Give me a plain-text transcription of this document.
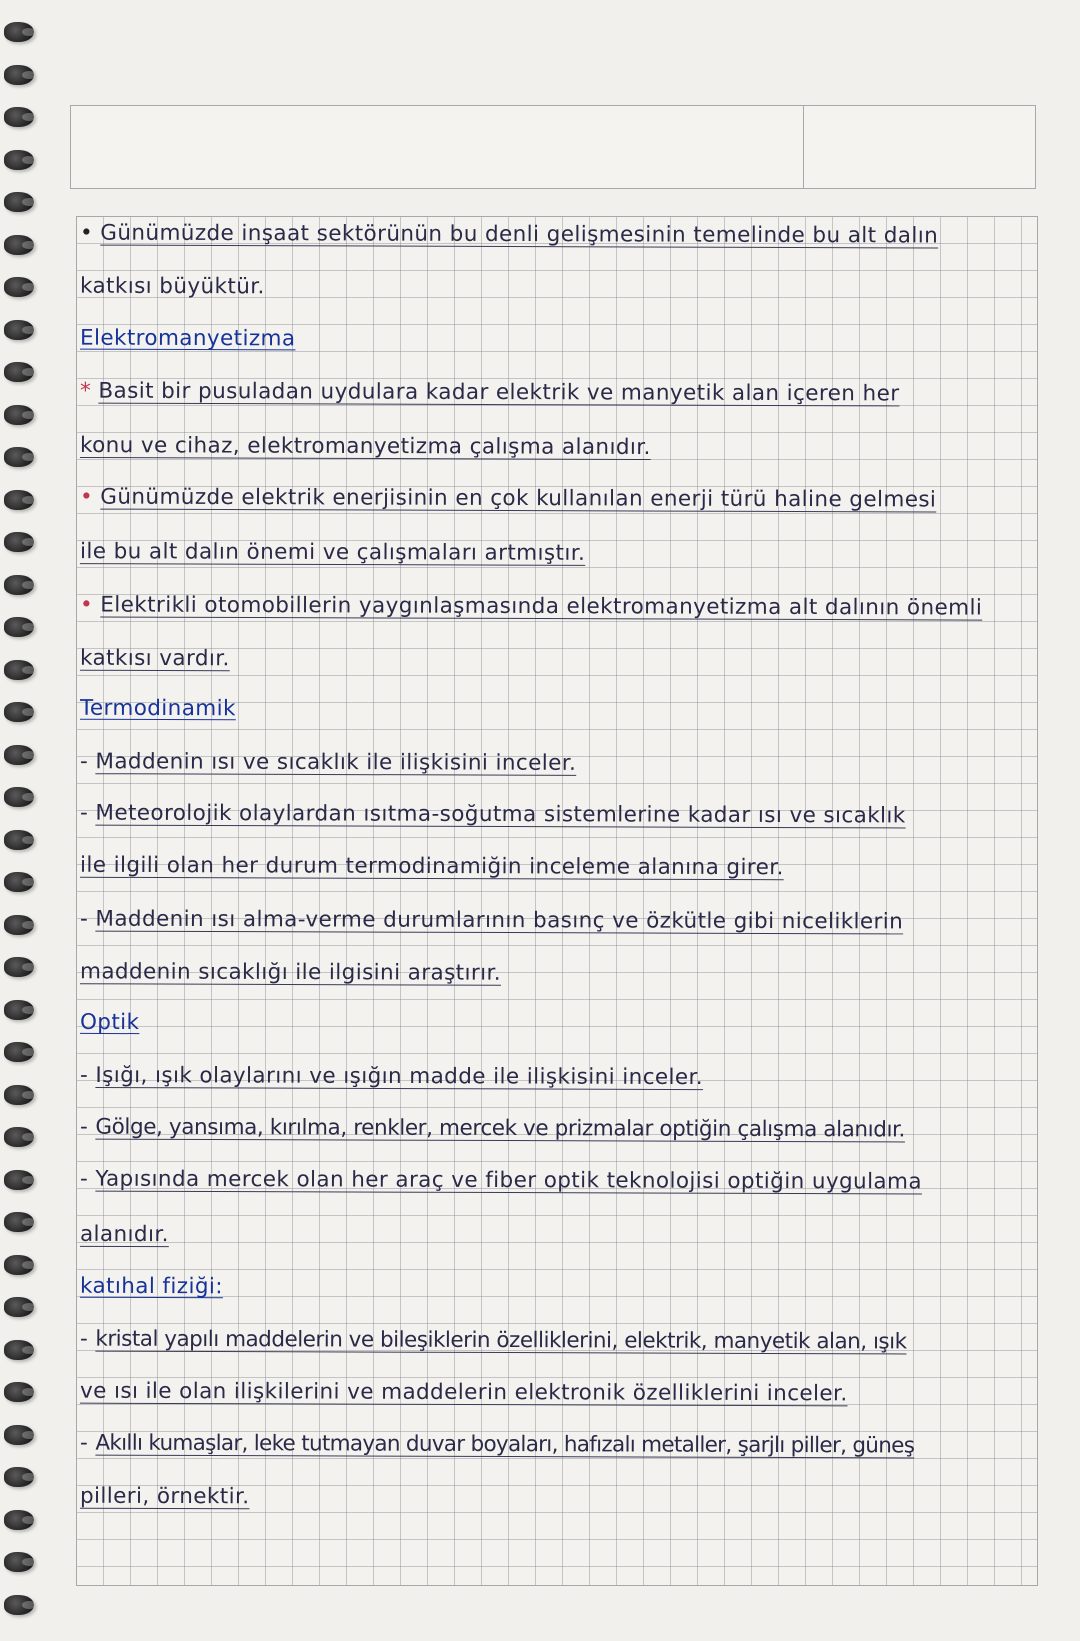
• Günümüzde inşaat sektörünün bu denli gelişmesinin temelinde bu alt dalın
katkısı büyüktür.
Elektromanyetizma
* Basit bir pusuladan uydulara kadar elektrik ve manyetik alan içeren her
konu ve cihaz, elektromanyetizma çalışma alanıdır.
• Günümüzde elektrik enerjisinin en çok kullanılan enerji türü haline gelmesi
ile bu alt dalın önemi ve çalışmaları artmıştır.
• Elektrikli otomobillerin yaygınlaşmasında elektromanyetizma alt dalının önemli
katkısı vardır.
Termodinamik
- Maddenin ısı ve sıcaklık ile ilişkisini inceler.
- Meteorolojik olaylardan ısıtma-soğutma sistemlerine kadar ısı ve sıcaklık
ile ilgili olan her durum termodinamiğin inceleme alanına girer.
- Maddenin ısı alma-verme durumlarının basınç ve özkütle gibi niceliklerin
maddenin sıcaklığı ile ilgisini araştırır.
Optik
- Işığı, ışık olaylarını ve ışığın madde ile ilişkisini inceler.
- Gölge, yansıma, kırılma, renkler, mercek ve prizmalar optiğin çalışma alanıdır.
- Yapısında mercek olan her araç ve fiber optik teknolojisi optiğin uygulama
alanıdır.
katıhal fiziği:
- kristal yapılı maddelerin ve bileşiklerin özelliklerini, elektrik, manyetik alan, ışık
ve ısı ile olan ilişkilerini ve maddelerin elektronik özelliklerini inceler.
- Akıllı kumaşlar, leke tutmayan duvar boyaları, hafızalı metaller, şarjlı piller, güneş
pilleri, örnektir.
